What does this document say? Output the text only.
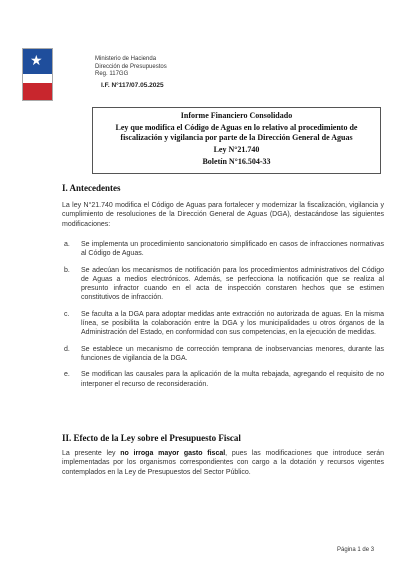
★	Ministerio de Hacienda
Dirección de Presupuestos
Reg. 117GG
I.F. N°117/07.05.2025
Informe Financiero Consolidado
Ley que modifica el Código de Aguas en lo relativo al procedimiento de fiscalización y vigilancia por parte de la Dirección General de Aguas
Ley N°21.740
Boletín N°16.504-33
I. Antecedentes
La ley N°21.740 modifica el Código de Aguas para fortalecer y modernizar la fiscalización, vigilancia y cumplimiento de resoluciones de la Dirección General de Aguas (DGA), destacándose las siguientes modificaciones:
a. Se implementa un procedimiento sancionatorio simplificado en casos de infracciones normativas al Código de Aguas.
b. Se adecúan los mecanismos de notificación para los procedimientos administrativos del Código de Aguas a medios electrónicos. Además, se perfecciona la notificación que se realiza al presunto infractor cuando en el acta de inspección constaren hechos que se estimen constitutivos de infracción.
c. Se faculta a la DGA para adoptar medidas ante extracción no autorizada de aguas. En la misma línea, se posibilita la colaboración entre la DGA y los municipalidades u otros órganos de la Administración del Estado, en conformidad con sus competencias, en la ejecución de medidas.
d. Se establece un mecanismo de corrección temprana de inobservancias menores, durante las funciones de vigilancia de la DGA.
e. Se modifican las causales para la aplicación de la multa rebajada, agregando el requisito de no interponer el recurso de reconsideración.
II. Efecto de la Ley sobre el Presupuesto Fiscal
La presente ley no irroga mayor gasto fiscal, pues las modificaciones que introduce serán implementadas por los organismos correspondientes con cargo a la dotación y recursos vigentes contemplados en la Ley de Presupuestos del Sector Público.
Página 1 de 3
